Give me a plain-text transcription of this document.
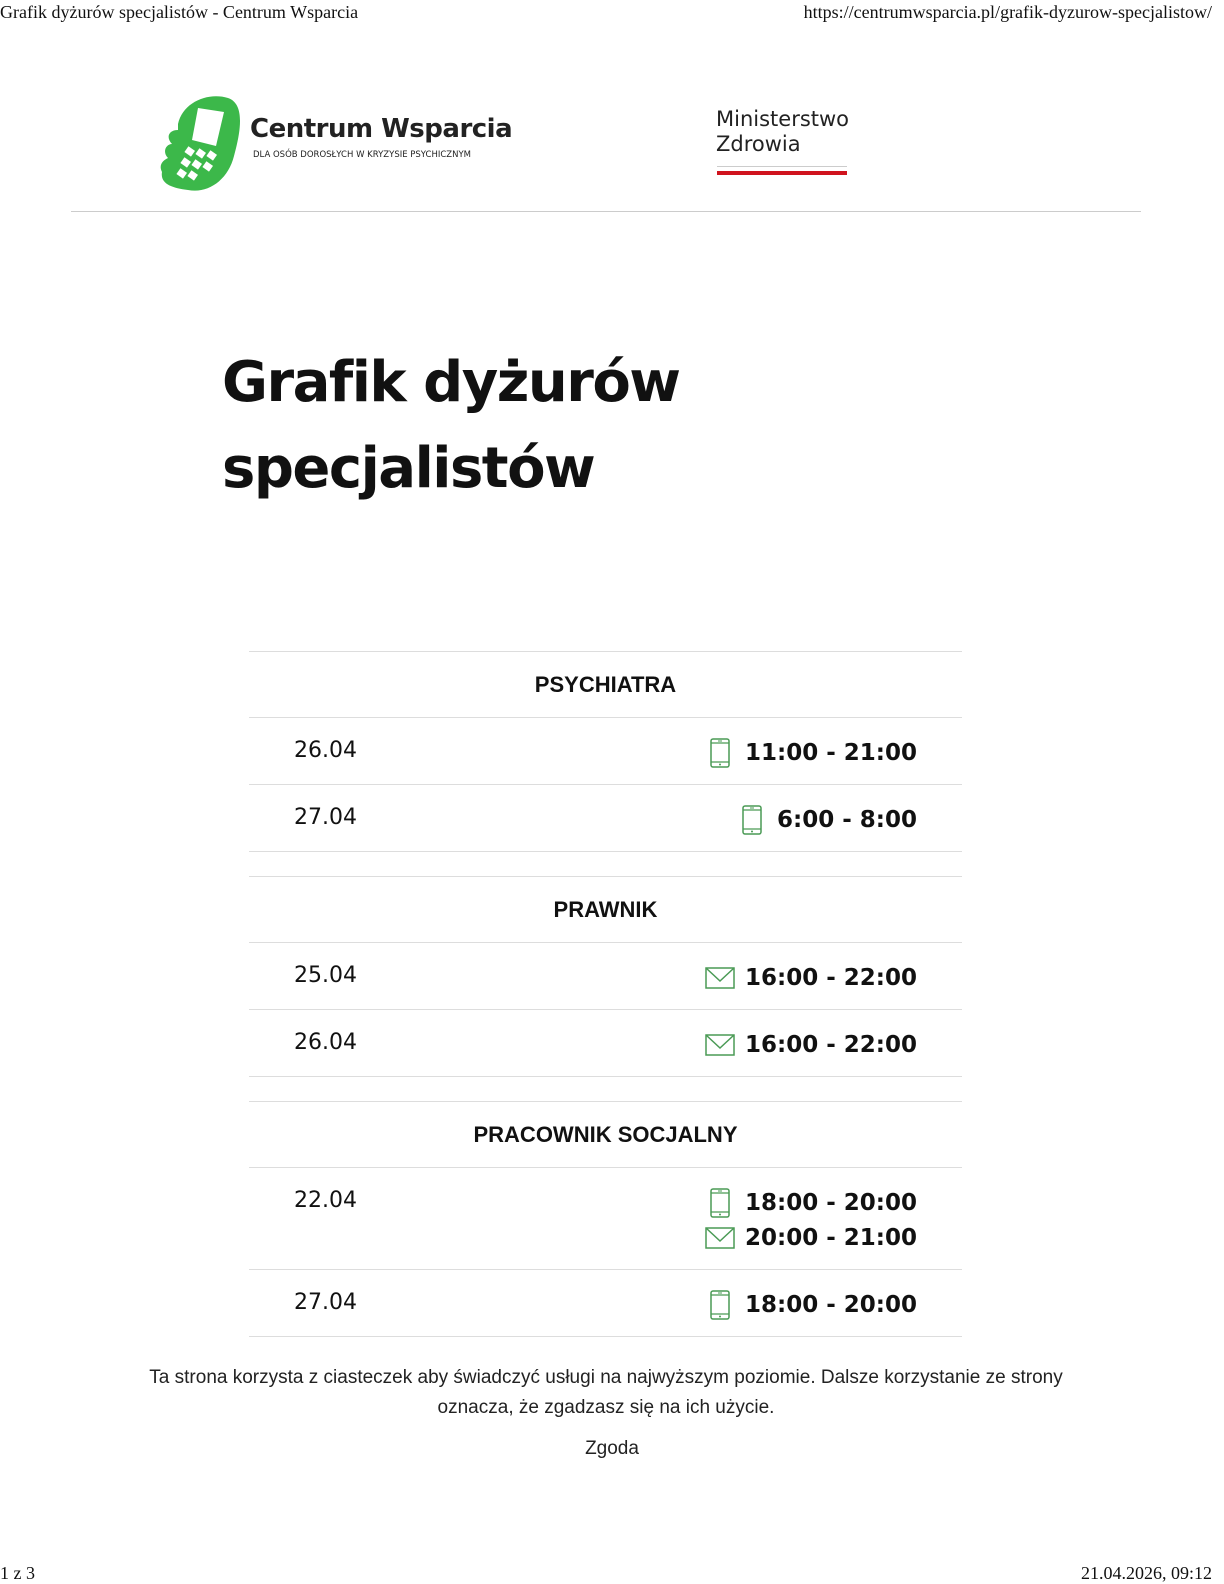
Grafik dyżurów specjalistów - Centrum Wsparcia	https://centrumwsparcia.pl/grafik-dyzurow-specjalistow/
Centrum Wsparcia
DLA OSÓB DOROSŁYCH W KRYZYSIE PSYCHICZNYM
Ministerstwo
Zdrowia
Grafik dyżurów specjalistów
PSYCHIATRA
26.04	11:00 - 21:00
27.04	6:00 - 8:00
PRAWNIK
25.04	16:00 - 22:00
26.04	16:00 - 22:00
PRACOWNIK SOCJALNY
22.04	18:00 - 20:00
20:00 - 21:00
27.04	18:00 - 20:00
Ta strona korzysta z ciasteczek aby świadczyć usługi na najwyższym poziomie. Dalsze korzystanie ze strony oznacza, że zgadzasz się na ich użycie.
Zgoda
1 z 3	21.04.2026, 09:12
